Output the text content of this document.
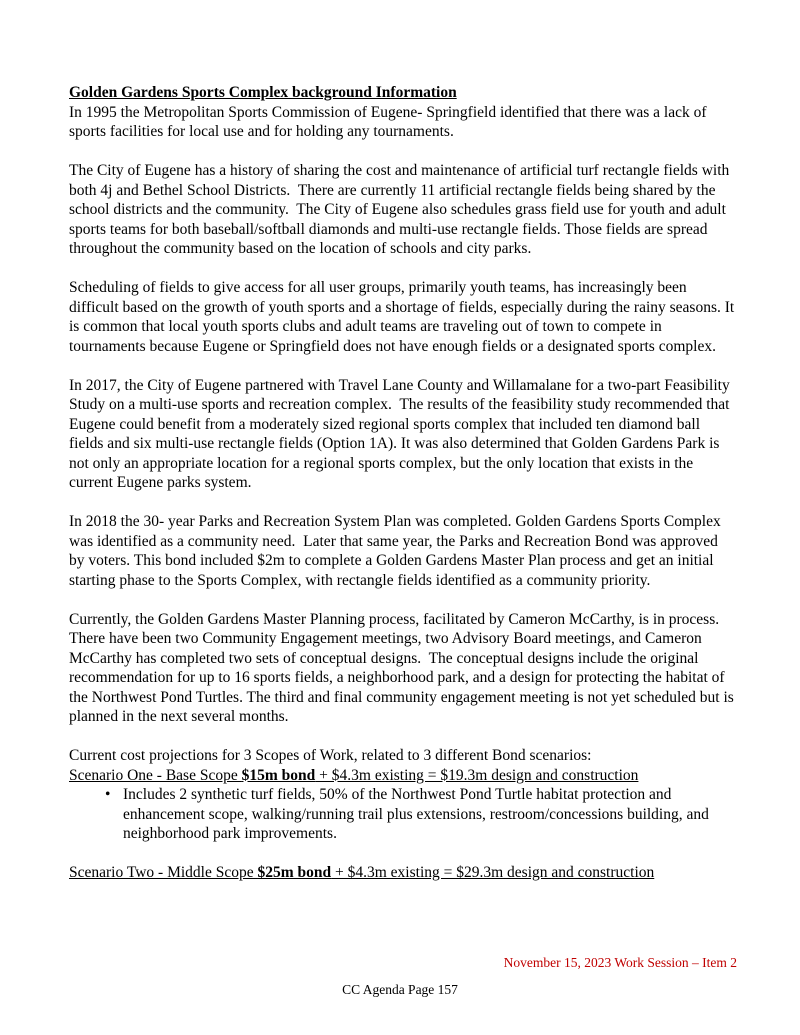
Golden Gardens Sports Complex background Information

In 1995 the Metropolitan Sports Commission of Eugene- Springfield identified that there was a lack of sports facilities for local use and for holding any tournaments.

The City of Eugene has a history of sharing the cost and maintenance of artificial turf rectangle fields with both 4j and Bethel School Districts.  There are currently 11 artificial rectangle fields being shared by the school districts and the community.  The City of Eugene also schedules grass field use for youth and adult sports teams for both baseball/softball diamonds and multi-use rectangle fields. Those fields are spread throughout the community based on the location of schools and city parks.

Scheduling of fields to give access for all user groups, primarily youth teams, has increasingly been difficult based on the growth of youth sports and a shortage of fields, especially during the rainy seasons. It is common that local youth sports clubs and adult teams are traveling out of town to compete in tournaments because Eugene or Springfield does not have enough fields or a designated sports complex.

In 2017, the City of Eugene partnered with Travel Lane County and Willamalane for a two-part Feasibility Study on a multi-use sports and recreation complex.  The results of the feasibility study recommended that Eugene could benefit from a moderately sized regional sports complex that included ten diamond ball fields and six multi-use rectangle fields (Option 1A). It was also determined that Golden Gardens Park is not only an appropriate location for a regional sports complex, but the only location that exists in the current Eugene parks system.

In 2018 the 30- year Parks and Recreation System Plan was completed. Golden Gardens Sports Complex was identified as a community need.  Later that same year, the Parks and Recreation Bond was approved by voters. This bond included $2m to complete a Golden Gardens Master Plan process and get an initial starting phase to the Sports Complex, with rectangle fields identified as a community priority.

Currently, the Golden Gardens Master Planning process, facilitated by Cameron McCarthy, is in process.  There have been two Community Engagement meetings, two Advisory Board meetings, and Cameron McCarthy has completed two sets of conceptual designs.  The conceptual designs include the original recommendation for up to 16 sports fields, a neighborhood park, and a design for protecting the habitat of the Northwest Pond Turtles. The third and final community engagement meeting is not yet scheduled but is planned in the next several months.

Current cost projections for 3 Scopes of Work, related to 3 different Bond scenarios:

Scenario One - Base Scope $15m bond + $4.3m existing = $19.3m design and construction

• Includes 2 synthetic turf fields, 50% of the Northwest Pond Turtle habitat protection and enhancement scope, walking/running trail plus extensions, restroom/concessions building, and neighborhood park improvements.

Scenario Two - Middle Scope $25m bond + $4.3m existing = $29.3m design and construction

November 15, 2023 Work Session – Item 2
CC Agenda Page 157
